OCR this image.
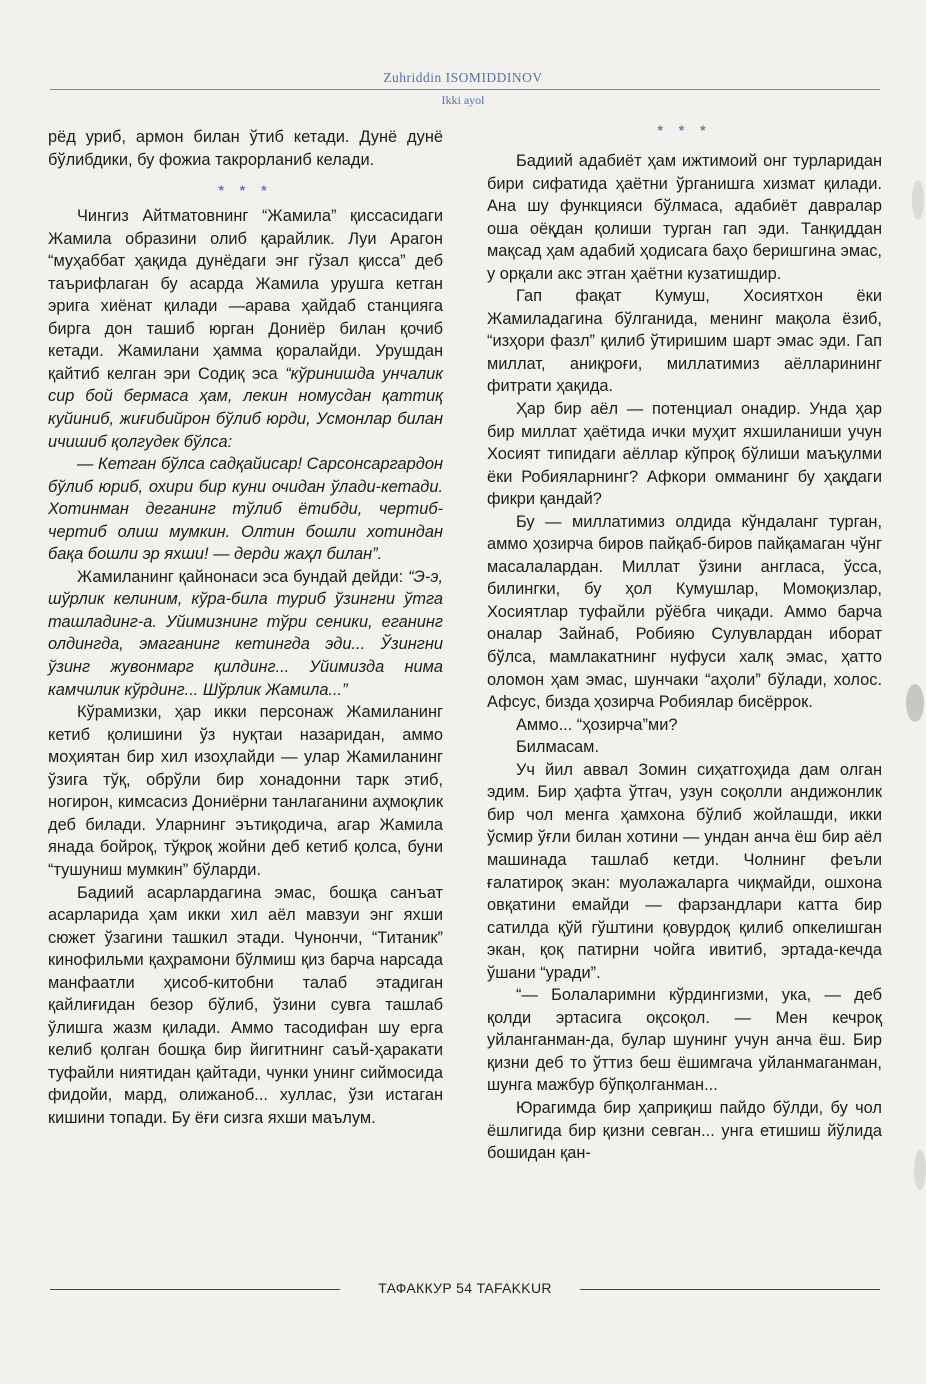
Zuhriddin ISOMIDDINOV
Ikki ayol

рёд уриб, армон билан ўтиб кетади. Дунё дунё бўлибдики, бу фожиа такрорланиб келади.

* * *

Чингиз Айтматовнинг “Жамила” қиссасидаги Жамила образини олиб қарайлик. Луи Арагон “муҳаббат ҳақида дунёдаги энг гўзал қисса” деб таърифлаган бу асарда Жамила урушга кетган эрига хиёнат қилади —арава ҳайдаб станцияга бирга дон ташиб юрган Дониёр билан қочиб кетади. Жамилани ҳамма қоралайди. Урушдан қайтиб келган эри Содиқ эса “кўринишда унчалик сир бой бермаса ҳам, лекин номусдан қаттиқ куйиниб, жиғибийрон бўлиб юрди, Усмонлар билан ичишиб қолгудек бўлса:

— Кетган бўлса садқайисар! Сарсонсаргардон бўлиб юриб, охири бир куни очидан ўлади-кетади. Хотинман деганинг тўлиб ётибди, чертиб-чертиб олиш мумкин. Олтин бошли хотиндан бақа бошли эр яхши! — дерди жаҳл билан”.

Жамиланинг қайнонаси эса бундай дейди: “Э-э, шўрлик келиним, кўра-била туриб ўзингни ўтга ташладинг-а. Уйимизнинг тўри сеники, еганинг олдингда, эмаганинг кетингда эди... Ўзингни ўзинг жувонмарг қилдинг... Уйимизда нима камчилик кўрдинг... Шўрлик Жамила...”

Кўрамизки, ҳар икки персонаж Жамиланинг кетиб қолишини ўз нуқтаи назаридан, аммо моҳиятан бир хил изоҳлайди — улар Жамиланинг ўзига тўқ, обрўли бир хонадонни тарк этиб, ногирон, кимсасиз Дониёрни танлаганини аҳмоқлик деб билади. Уларнинг эътиқодича, агар Жамила янада бойроқ, тўқроқ жойни деб кетиб қолса, буни “тушуниш мумкин” бўларди.

Бадиий асарлардагина эмас, бошқа санъат асарларида ҳам икки хил аёл мавзуи энг яхши сюжет ўзагини ташкил этади. Чунончи, “Титаник” кинофильми қаҳрамони бўлмиш қиз барча нарсада манфаатли ҳисоб-китобни талаб этадиган қайлиғидан безор бўлиб, ўзини сувга ташлаб ўлишга жазм қилади. Аммо тасодифан шу ерга келиб қолган бошқа бир йигитнинг саъй-ҳаракати туфайли ниятидан қайтади, чунки унинг сиймосида фидойи, мард, олижаноб... хуллас, ўзи истаган кишини топади. Бу ёғи сизга яхши маълум.

* * *

Бадиий адабиёт ҳам ижтимоий онг турларидан бири сифатида ҳаётни ўрганишга хизмат қилади. Ана шу функцияси бўлмаса, адабиёт давралар оша оёқдан қолиши турган гап эди. Танқиддан мақсад ҳам адабий ҳодисага баҳо беришгина эмас, у орқали акс этган ҳаётни кузатишдир.

Гап фақат Кумуш, Хосиятхон ёки Жамиладагина бўлганида, менинг мақола ёзиб, “изҳори фазл” қилиб ўтиришим шарт эмас эди. Гап миллат, аниқроғи, миллатимиз аёлларининг фитрати ҳақида.

Ҳар бир аёл — потенциал онадир. Унда ҳар бир миллат ҳаётида ички муҳит яхшиланиши учун Хосият типидаги аёллар кўпроқ бўлиши маъқулми ёки Робияларнинг? Афкори омманинг бу ҳақдаги фикри қандай?

Бу — миллатимиз олдида кўндаланг турган, аммо ҳозирча биров пайқаб-биров пайқамаган чўнг масалалардан. Миллат ўзини англаса, ўсса, билингки, бу ҳол Кумушлар, Момоқизлар, Хосиятлар туфайли рўёбга чиқади. Аммо барча оналар Зайнаб, Робияю Сулувлардан иборат бўлса, мамлакатнинг нуфуси халқ эмас, ҳатто оломон ҳам эмас, шунчаки “аҳоли” бўлади, холос. Афсус, бизда ҳозирча Робиялар бисёррок.

Аммо... “ҳозирча”ми?

Билмасам.

Уч йил аввал Зомин сиҳатгоҳида дам олган эдим. Бир ҳафта ўтгач, узун соқолли андижонлик бир чол менга ҳамхона бўлиб жойлашди, икки ўсмир ўғли билан хотини — ундан анча ёш бир аёл машинада ташлаб кетди. Чолнинг феъли ғалатироқ экан: муолажаларга чиқмайди, ошхона овқатини емайди — фарзандлари катта бир сатилда қўй гўштини қовурдоқ қилиб опкелишган экан, қоқ патирни чойга ивитиб, эртада-кечда ўшани “уради”.

“— Болаларимни кўрдингизми, ука, — деб қолди эртасига оқсоқол. — Мен кечроқ уйланганман-да, булар шунинг учун анча ёш. Бир қизни деб то ўттиз беш ёшимгача уйланмаганман, шунга мажбур бўпқолганман...

Юрагимда бир ҳаприқиш пайдо бўлди, бу чол ёшлигида бир қизни севган... унга етишиш йўлида бошидан қан-

ТАФАККУР 54 TAFAKKUR
